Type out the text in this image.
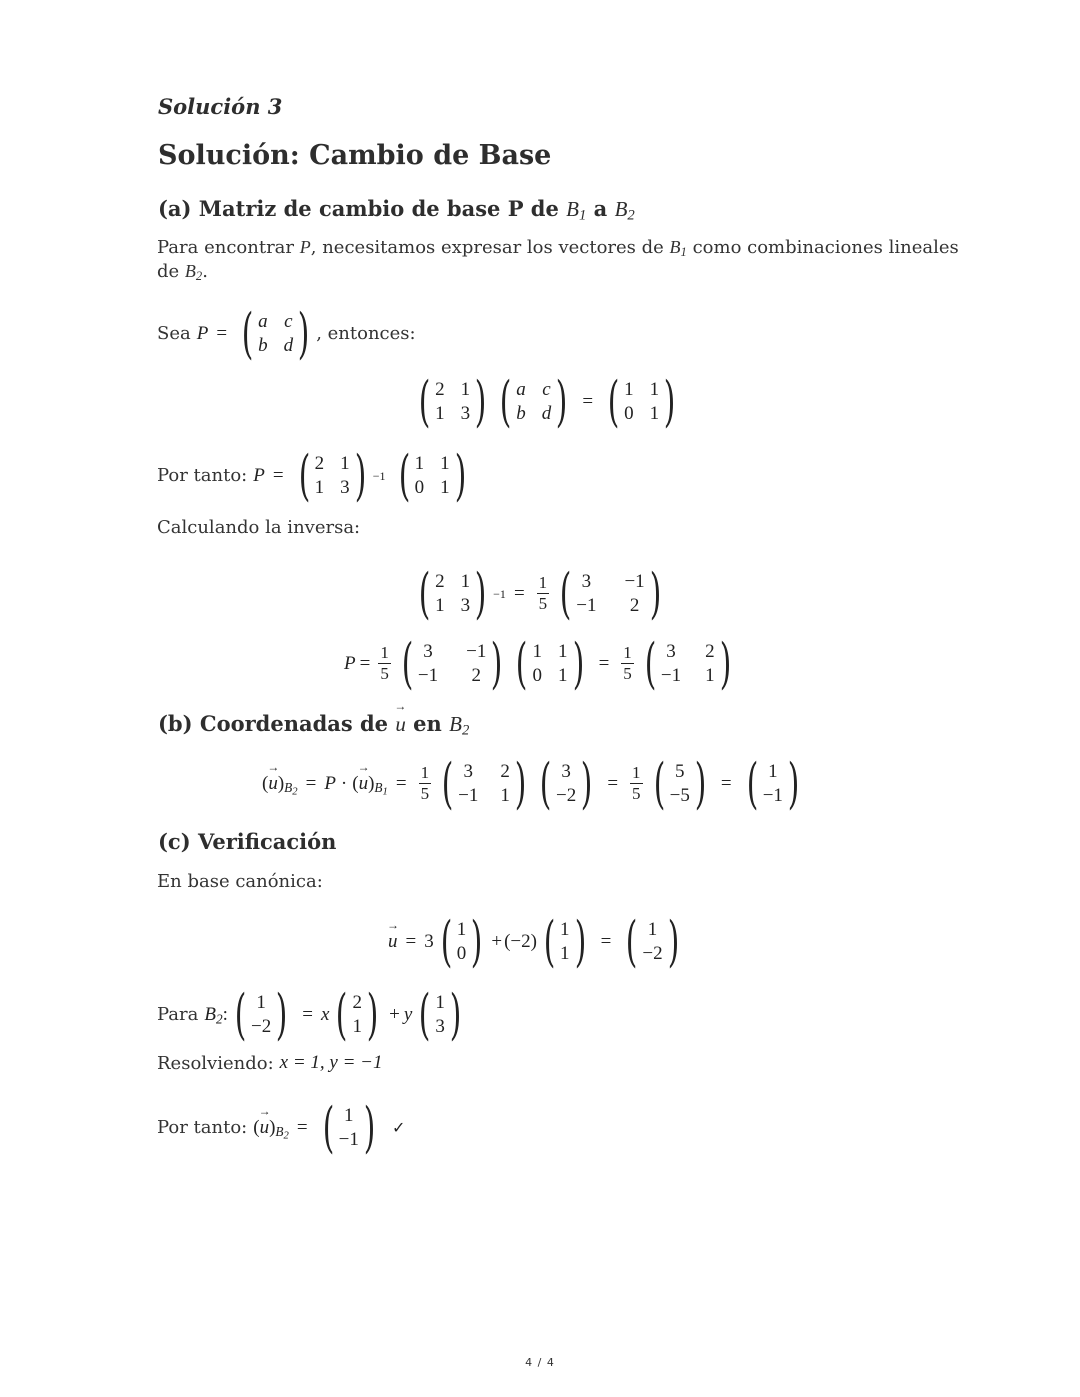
Solución 3
Solución: Cambio de Base
(a) Matriz de cambio de base P de $B_1$ a $B_2$
Para encontrar P, necesitamos expresar los vectores de $B_1$ como combinaciones lineales
de $B_2$.
Sea P = ( a c
b d ) , entonces:
( 2 1
1 3 ) ( a c
b d ) = ( 1 1
0 1 )
Por tanto: P = ( 2 1
1 3 ) −1 ( 1 1
0 1 )
Calculando la inversa:
( 2 1
1 3 ) $-1 = \frac{1}{5}$ ( 3 −1
−1 2 )
$P = \frac{1}{5}$ ( 3 −1
−1 2 ) ( 1 1
0 1 ) = $\frac{1}{5}$ ( 3 2
−1 1 )
(b) Coordenadas de → u en $B_2$
(→ $u)_{B_2} = P$ · (→ $u)_{B_1} = \frac{1}{5}$ ( 3 2
−1 1 ) ( 3
−2 ) = $\frac{1}{5}$ ( 5
−5 ) = ( 1
−1 )
(c) Verificación
En base canónica:
→ u = 3 ( 1
0 ) + (−2) ( 1
1 ) = ( 1
−2 )
Para $B_2$ : ( 1
−2 ) = x ( 2
1 ) + y ( 1
3 )
Resolviendo: x = 1, y = −1
Por tanto: (→ $u)_{B_2}$ = ( 1
−1 ) ✓
4 / 4
